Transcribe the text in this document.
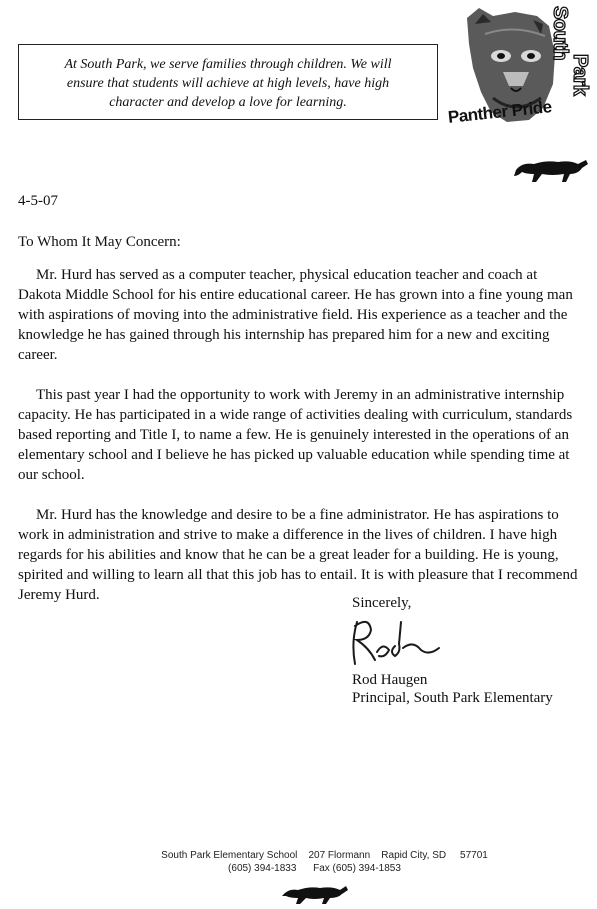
At South Park, we serve families through children. We will
ensure that students will achieve at high levels, have high
character and develop a love for learning.
South
Park
Panther Pride
4-5-07
To Whom It May Concern:

Mr. Hurd has served as a computer teacher, physical education teacher and coach at Dakota Middle School for his entire educational career. He has grown into a fine young man with aspirations of moving into the administrative field. His experience as a teacher and the knowledge he has gained through his internship has prepared him for a new and exciting career.

This past year I had the opportunity to work with Jeremy in an administrative internship capacity. He has participated in a wide range of activities dealing with curriculum, standards based reporting and Title I, to name a few. He is genuinely interested in the operations of an elementary school and I believe he has picked up valuable education while spending time at our school.

Mr. Hurd has the knowledge and desire to be a fine administrator. He has aspirations to work in administration and strive to make a difference in the lives of children. I have high regards for his abilities and know that he can be a great leader for a building. He is young, spirited and willing to learn all that this job has to entail. It is with pleasure that I recommend Jeremy Hurd.	Sincerely,
Rod Haugen
Principal, South Park Elementary
South Park Elementary School    207 Flormann    Rapid City, SD     57701
(605) 394-1833      Fax (605) 394-1853
